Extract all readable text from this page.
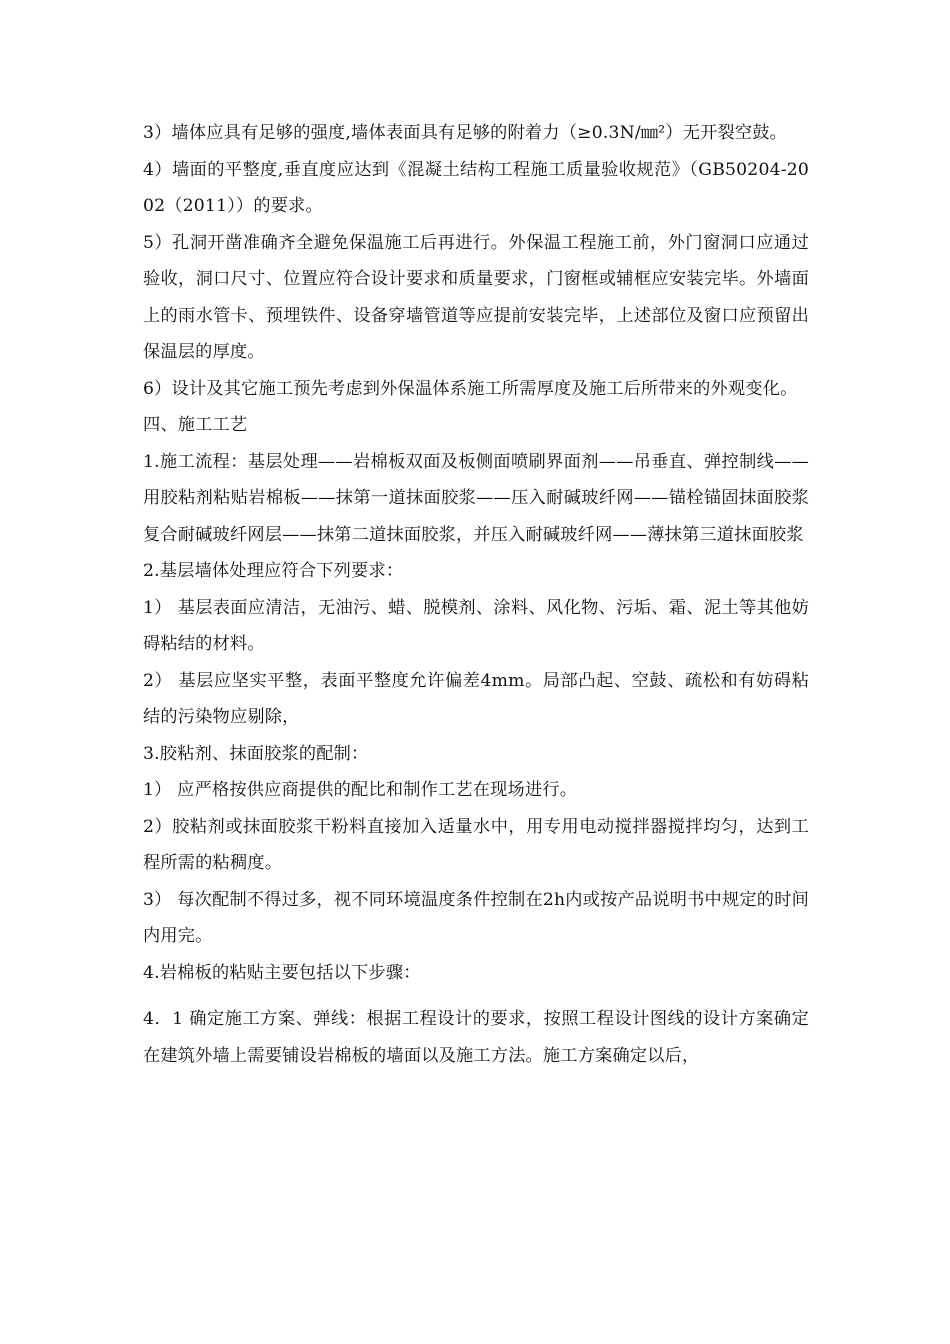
3）墙体应具有足够的强度,墙体表面具有足够的附着力（≥0.3N/㎜²）无开裂空鼓。

4）墙面的平整度,垂直度应达到《混凝土结构工程施工质量验收规范》（GB50204-2002（2011））的要求。

5）孔洞开凿准确齐全避免保温施工后再进行。外保温工程施工前，外门窗洞口应通过验收，洞口尺寸、位置应符合设计要求和质量要求，门窗框或辅框应安装完毕。外墙面上的雨水管卡、预埋铁件、设备穿墙管道等应提前安装完毕，上述部位及窗口应预留出保温层的厚度。

6）设计及其它施工预先考虑到外保温体系施工所需厚度及施工后所带来的外观变化。

四、施工工艺

1.施工流程：基层处理——岩棉板双面及板侧面喷刷界面剂——吊垂直、弹控制线——用胶粘剂粘贴岩棉板——抹第一道抹面胶浆——压入耐碱玻纤网——锚栓锚固抹面胶浆复合耐碱玻纤网层——抹第二道抹面胶浆，并压入耐碱玻纤网——薄抹第三道抹面胶浆

2.基层墙体处理应符合下列要求：

1） 基层表面应清洁，无油污、蜡、脱模剂、涂料、风化物、污垢、霜、泥土等其他妨碍粘结的材料。

2） 基层应坚实平整，表面平整度允许偏差4mm。局部凸起、空鼓、疏松和有妨碍粘结的污染物应剔除，

3.胶粘剂、抹面胶浆的配制：

1） 应严格按供应商提供的配比和制作工艺在现场进行。

2）胶粘剂或抹面胶浆干粉料直接加入适量水中，用专用电动搅拌器搅拌均匀，达到工程所需的粘稠度。

3） 每次配制不得过多，视不同环境温度条件控制在2h内或按产品说明书中规定的时间内用完。

4.岩棉板的粘贴主要包括以下步骤：

4．1 确定施工方案、弹线：根据工程设计的要求，按照工程设计图线的设计方案确定在建筑外墙上需要铺设岩棉板的墙面以及施工方法。施工方案确定以后，
